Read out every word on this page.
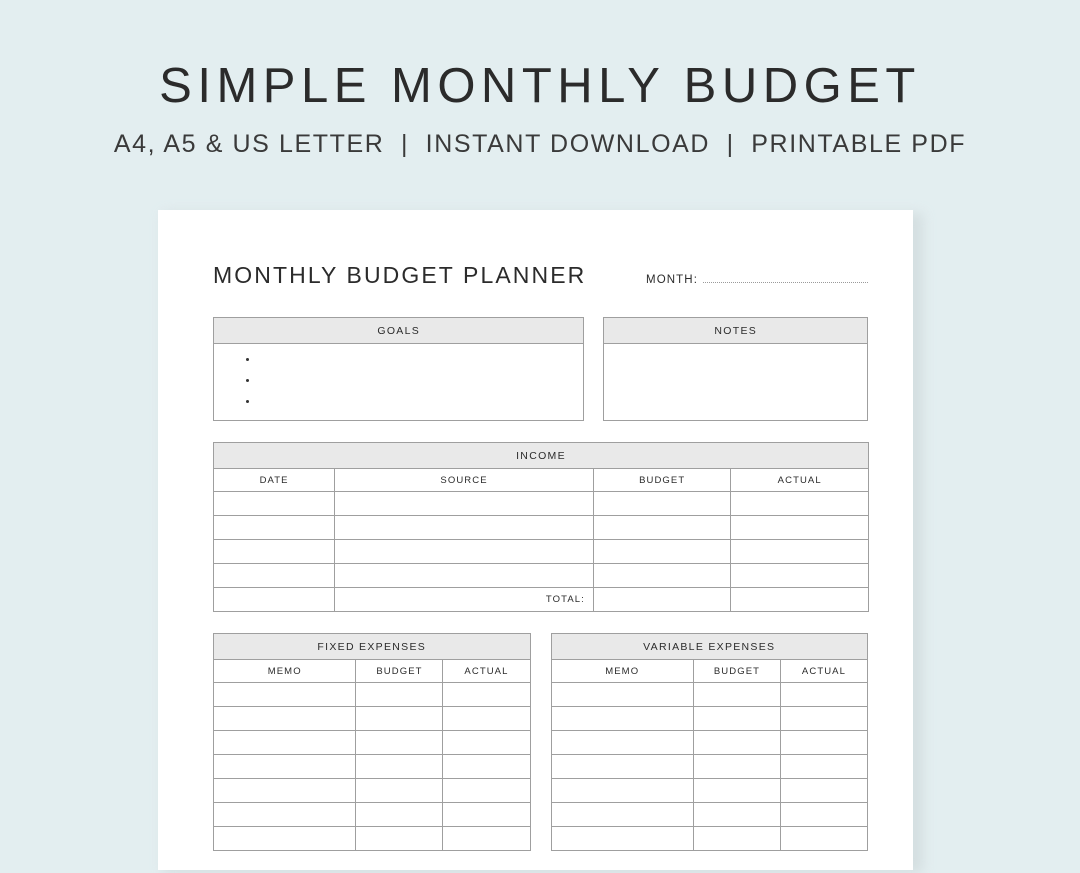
SIMPLE MONTHLY BUDGET
A4, A5 & US LETTER | INSTANT DOWNLOAD | PRINTABLE PDF
MONTHLY BUDGET PLANNER	MONTH:
GOALS
•
•
•	NOTES
INCOME
DATE	SOURCE	BUDGET	ACTUAL

	TOTAL:		
FIXED EXPENSES
MEMO	BUDGET	ACTUAL

VARIABLE EXPENSES
MEMO	BUDGET	ACTUAL
